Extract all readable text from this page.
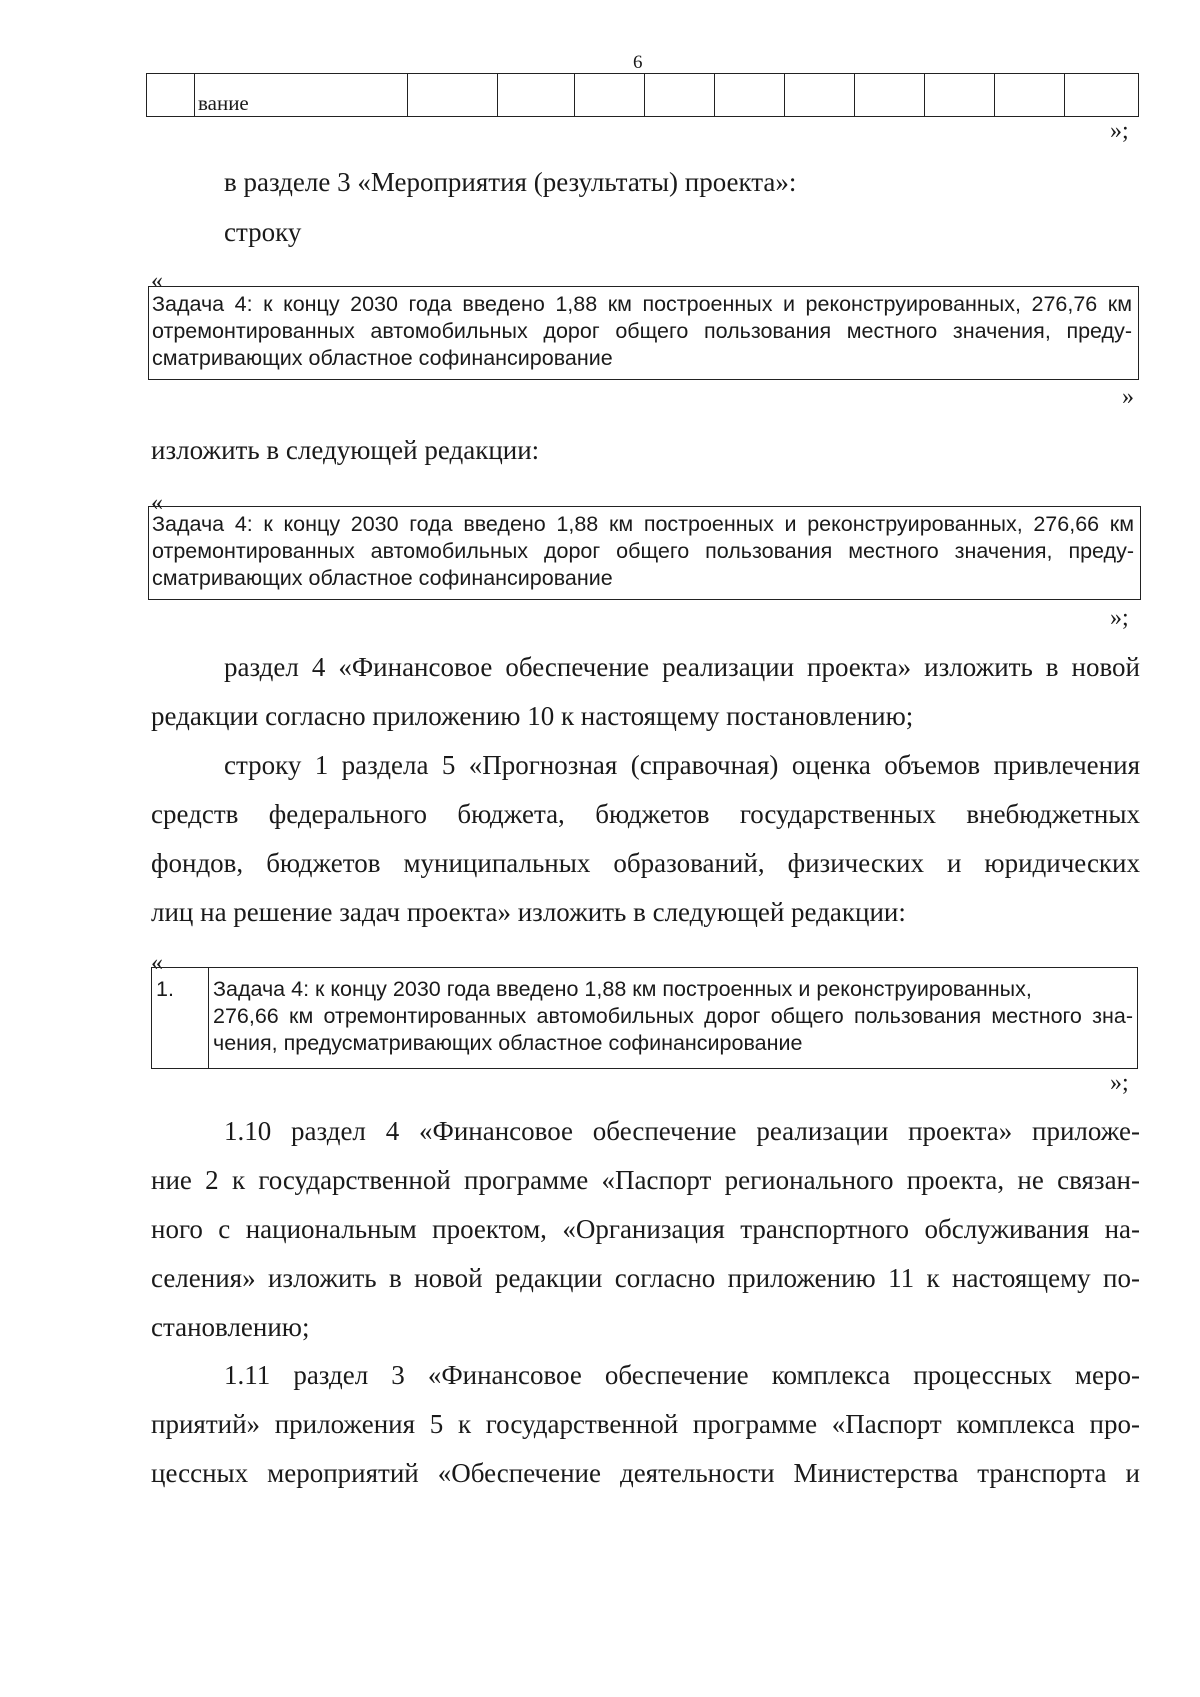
6
	вание										
»;
в разделе 3 «Мероприятия (результаты) проекта»:
строку
«
Задача 4: к концу 2030 года введено 1,88 км построенных и реконструированных, 276,76 км
отремонтированных автомобильных дорог общего пользования местного значения, преду-
сматривающих областное софинансирование
»
изложить в следующей редакции:
«
Задача 4: к концу 2030 года введено 1,88 км построенных и реконструированных, 276,66 км
отремонтированных автомобильных дорог общего пользования местного значения, преду-
сматривающих областное софинансирование
»;
раздел 4 «Финансовое обеспечение реализации проекта» изложить в новой
редакции согласно приложению 10 к настоящему постановлению;
строку 1 раздела 5 «Прогнозная (справочная) оценка объемов привлечения
средств федерального бюджета, бюджетов государственных внебюджетных
фондов, бюджетов муниципальных образований, физических и юридических
лиц на решение задач проекта» изложить в следующей редакции:
«
1.	Задача 4: к концу 2030 года введено 1,88 км построенных и реконструированных,
276,66 км отремонтированных автомобильных дорог общего пользования местного зна-
чения, предусматривающих областное софинансирование
»;
1.10 раздел 4 «Финансовое обеспечение реализации проекта» приложе-
ние 2 к государственной программе «Паспорт регионального проекта, не связан-
ного с национальным проектом, «Организация транспортного обслуживания на-
селения» изложить в новой редакции согласно приложению 11 к настоящему по-
становлению;
1.11 раздел 3 «Финансовое обеспечение комплекса процессных меро-
приятий» приложения 5 к государственной программе «Паспорт комплекса про-
цессных мероприятий «Обеспечение деятельности Министерства транспорта и
